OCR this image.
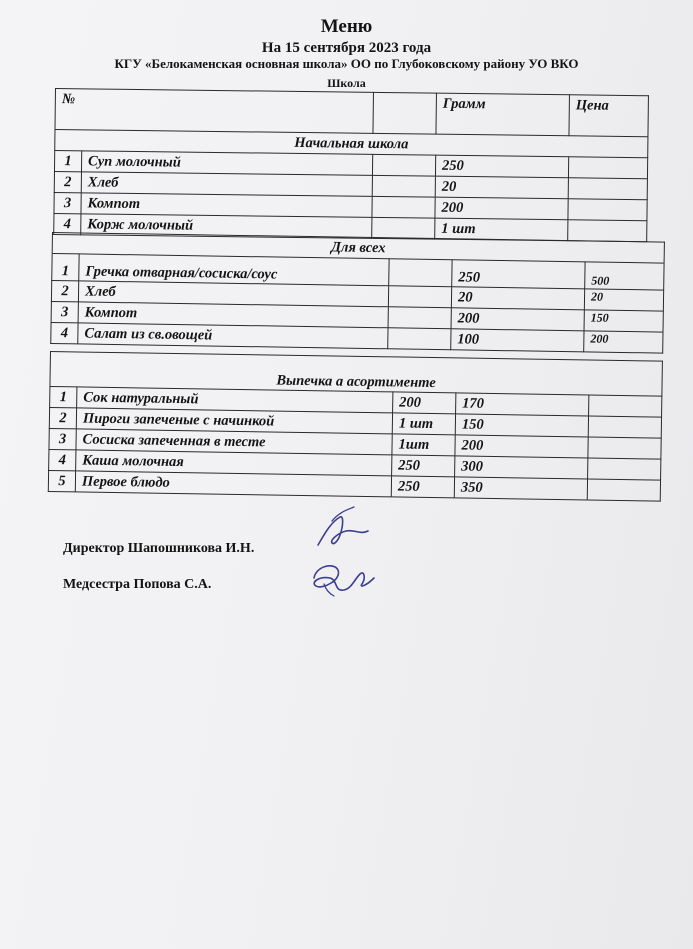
Меню
На 15 сентября 2023 года
КГУ «Белокаменская основная школа» ОО по Глубоковскому району УО ВКО
Школа
№			Грамм	Цена
Начальная школа				
1	Суп молочный		250	
2	Хлеб		20	
3	Компот		200	
4	Корж молочный		1 шт	
Для всех				
1	Гречка отварная/сосиска/соус		250	500
2	Хлеб		20	20
3	Компот		200	150
4	Салат из св.овощей		100	200
Выпечка а асортименте				
1	Сок натуральный	200	170	
2	Пироги запеченые с начинкой	1 шт	150	
3	Сосиска запеченная в тесте	1шт	200	
4	Каша молочная	250	300	
5	Первое блюдо	250	350	
Директор Шапошникова И.Н.
Медсестра Попова С.А.
